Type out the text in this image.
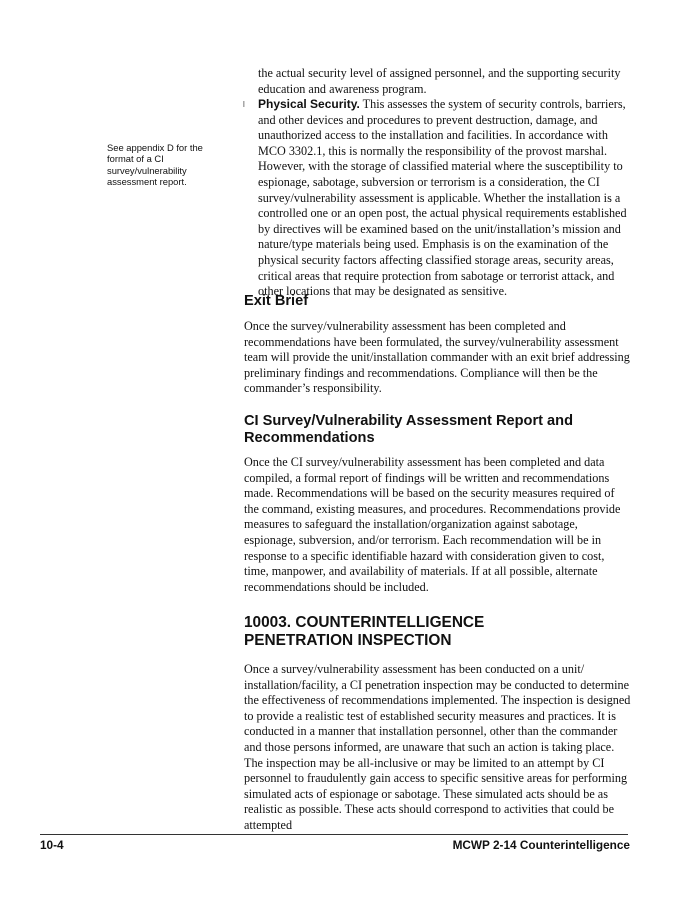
See appendix D for the format of a CI survey/vulnerability assessment report.
the actual security level of assigned personnel, and the supporting security education and awareness program.
l Physical Security. This assesses the system of security controls, barriers, and other devices and procedures to prevent destruction, damage, and unauthorized access to the installation and facilities. In accordance with MCO 3302.1, this is normally the responsibility of the provost marshal. However, with the storage of classified material where the susceptibility to espionage, sabotage, subversion or terrorism is a consideration, the CI survey/vulnerability assessment is applicable. Whether the installation is a controlled one or an open post, the actual physical requirements established by directives will be examined based on the unit/installation’s mission and nature/type materials being used. Emphasis is on the examination of the physical security factors affecting classified storage areas, security areas, critical areas that require protection from sabotage or terrorist attack, and other locations that may be designated as sensitive.
Exit Brief
Once the survey/vulnerability assessment has been completed and recommendations have been formulated, the survey/vulnerability assessment team will provide the unit/installation commander with an exit brief addressing preliminary findings and recommendations. Compliance will then be the commander’s responsibility.
CI Survey/Vulnerability Assessment Report and Recommendations
Once the CI survey/vulnerability assessment has been completed and data compiled, a formal report of findings will be written and recommendations made. Recommendations will be based on the security measures required of the command, existing measures, and procedures. Recommendations provide measures to safeguard the installation/organization against sabotage, espionage, subversion, and/or terrorism. Each recommendation will be in response to a specific identifiable hazard with consideration given to cost, time, manpower, and availability of materials. If at all possible, alternate recommendations should be included.
10003. COUNTERINTELLIGENCE
PENETRATION INSPECTION
Once a survey/vulnerability assessment has been conducted on a unit/ installation/facility, a CI penetration inspection may be conducted to determine the effectiveness of recommendations implemented. The inspection is designed to provide a realistic test of established security measures and practices. It is conducted in a manner that installation personnel, other than the commander and those persons informed, are unaware that such an action is taking place. The inspection may be all-inclusive or may be limited to an attempt by CI personnel to fraudulently gain access to specific sensitive areas for performing simulated acts of espionage or sabotage. These simulated acts should be as realistic as possible. These acts should correspond to activities that could be attempted
10-4	MCWP 2-14 Counterintelligence
